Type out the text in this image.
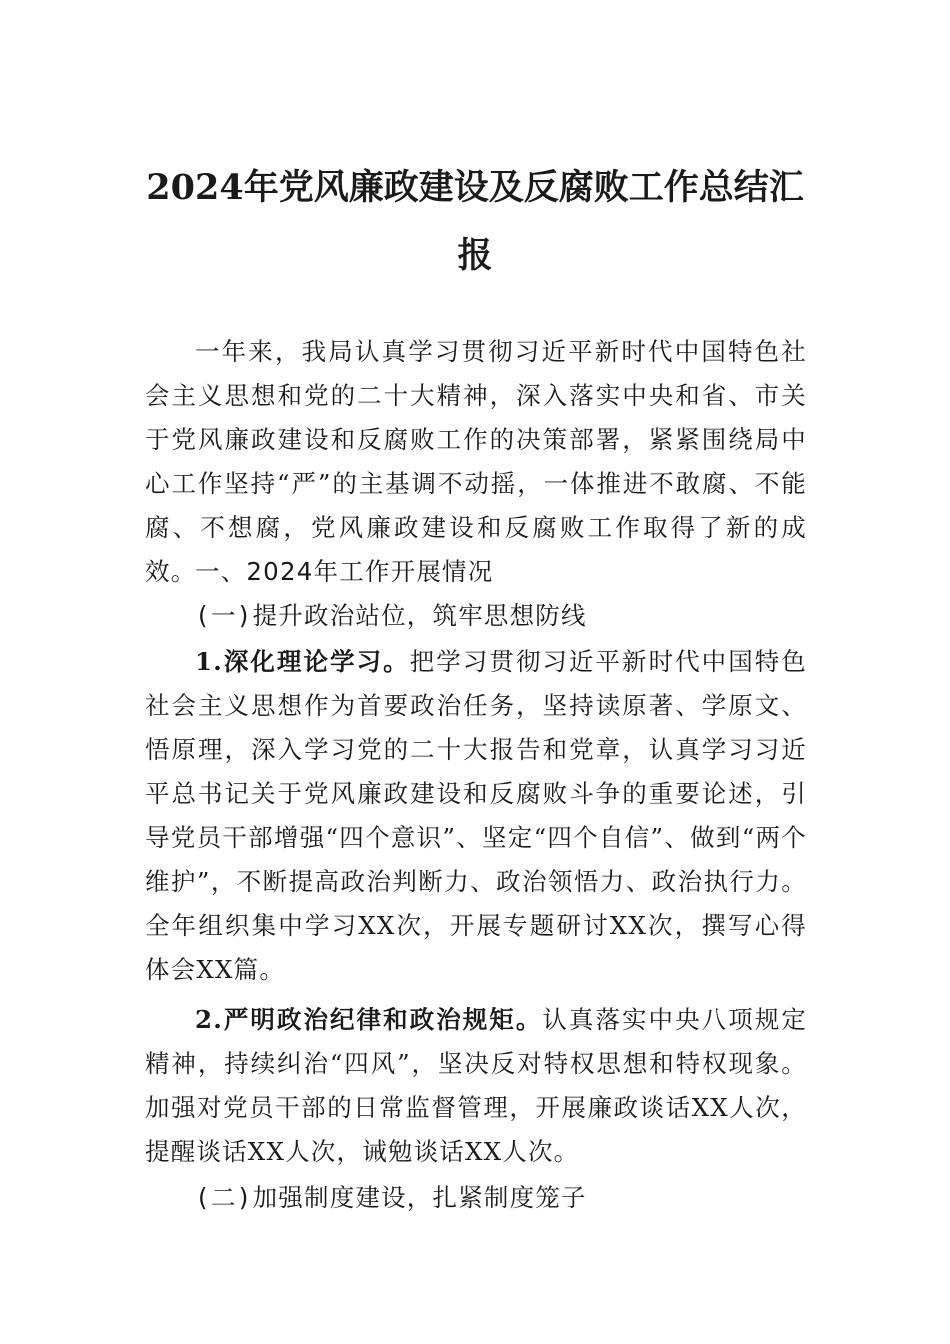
2024年党风廉政建设及反腐败工作总结汇
报

一年来，我局认真学习贯彻习近平新时代中国特色社会主义思想和党的二十大精神，深入落实中央和省、市关于党风廉政建设和反腐败工作的决策部署，紧紧围绕局中心工作坚持“严”的主基调不动摇，一体推进不敢腐、不能腐、不想腐，党风廉政建设和反腐败工作取得了新的成效。

一、2024年工作开展情况

(一)提升政治站位，筑牢思想防线

1.深化理论学习。把学习贯彻习近平新时代中国特色社会主义思想作为首要政治任务，坚持读原著、学原文、悟原理，深入学习党的二十大报告和党章，认真学习习近平总书记关于党风廉政建设和反腐败斗争的重要论述，引导党员干部增强“四个意识”、坚定“四个自信”、做到“两个维护”，不断提高政治判断力、政治领悟力、政治执行力。全年组织集中学习XX次，开展专题研讨XX次，撰写心得体会XX篇。

2.严明政治纪律和政治规矩。认真落实中央八项规定精神，持续纠治“四风”，坚决反对特权思想和特权现象。加强对党员干部的日常监督管理，开展廉政谈话XX人次，提醒谈话XX人次，诫勉谈话XX人次。

(二)加强制度建设，扎紧制度笼子
